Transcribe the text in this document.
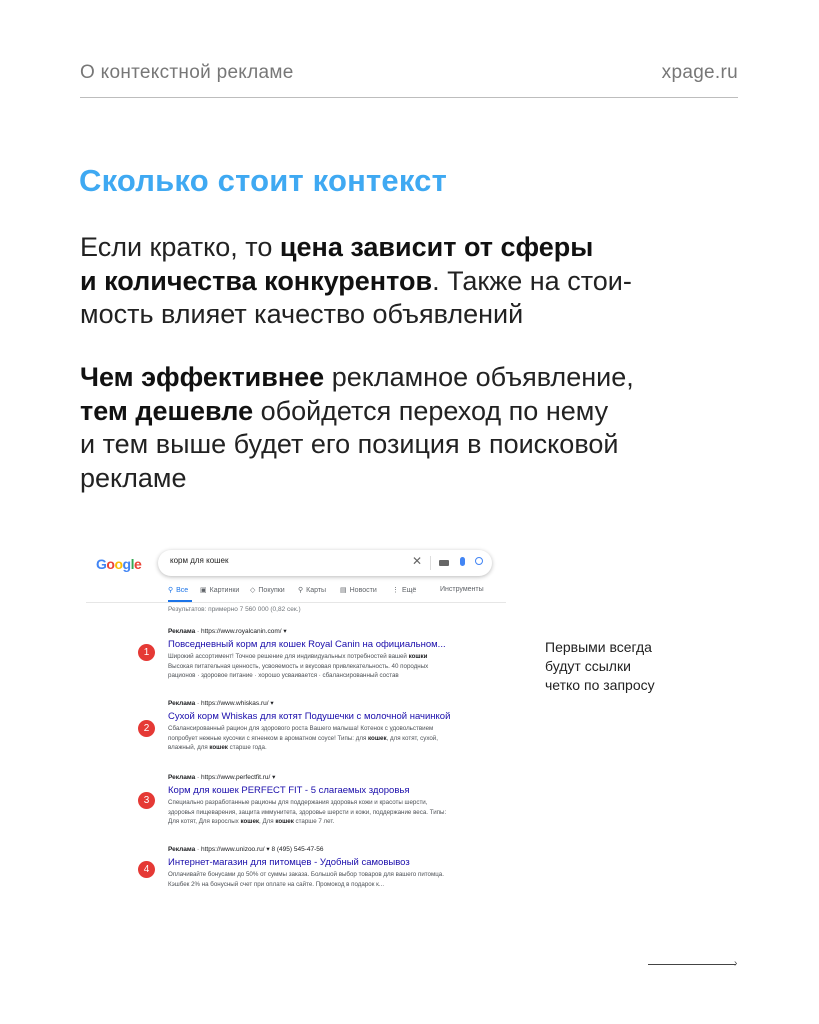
О контекстной рекламе	xpage.ru
Сколько стоит контекст
Если кратко, то цена зависит от сферы
и количества конкурентов. Также на стои-
мость влияет качество объявлений
Чем эффективнее рекламное объявление,
тем дешевле обойдется переход по нему
и тем выше будет его позиция в поисковой
рекламе
Google	корм для кошек	✕
⚲ Все ▣ Картинки ◇ Покупки ⚲ Карты ▤ Новости ⋮ Ещё	Инструменты
Результатов: примерно 7 560 000 (0,82 сек.)
1
Реклама · https://www.royalcanin.com/ ▾
Повседневный корм для кошек Royal Canin на официальном...
Широкий ассортимент! Точное решение для индивидуальных потребностей вашей кошки
Высокая питательная ценность, усвояемость и вкусовая привлекательность. 40 породных рационов · здоровое питание · хорошо усваивается · сбалансированный состав
2
Реклама · https://www.whiskas.ru/ ▾
Сухой корм Whiskas для котят Подушечки с молочной начинкой
Сбалансированный рацион для здорового роста Вашего малыша! Котенок с удовольствием попробует нежные кусочки с ягненком в ароматном соусе! Типы: для кошек, для котят, сухой, влажный, для кошек старше года.
3
Реклама · https://www.perfectfit.ru/ ▾
Корм для кошек PERFECT FIT - 5 слагаемых здоровья
Специально разработанные рационы для поддержания здоровья кожи и красоты шерсти, здоровья пищеварения, защита иммунитета, здоровье шерсти и кожи, поддержание веса. Типы: Для котят, Для взрослых кошек, Для кошек старше 7 лет.
4
Реклама · https://www.unizoo.ru/ ▾ 8 (495) 545-47-56
Интернет-магазин для питомцев - Удобный самовывоз
Оплачивайте бонусами до 50% от суммы заказа. Большой выбор товаров для вашего питомца. Кэшбек 2% на бонусный счет при оплате на сайте. Промокод в подарок к...
Первыми всегда
будут ссылки
четко по запросу
›
